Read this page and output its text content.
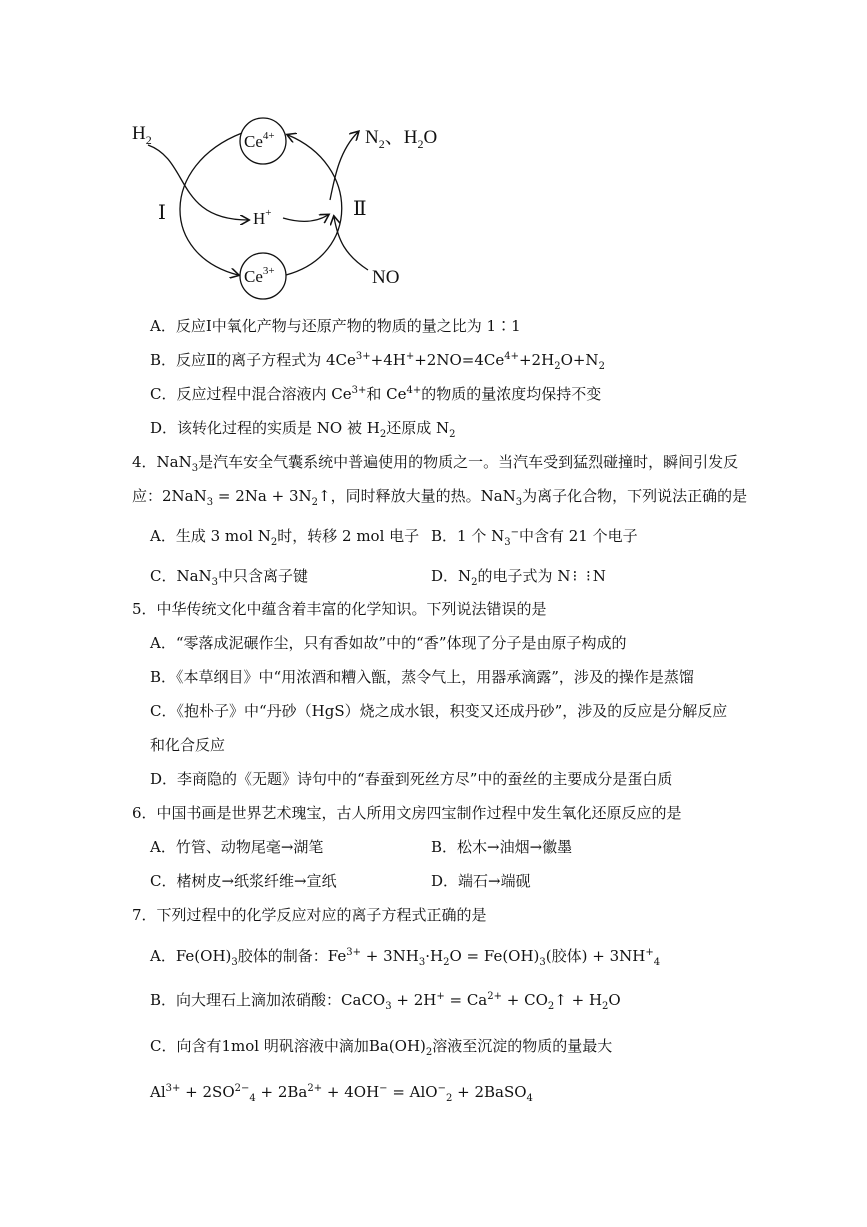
$H_2$	$Ce^{4+}$
$Ce^{3+}$
H+
$N_2$、$H_2O$
Ⅰ	Ⅱ
NO
A．反应Ⅰ中氧化产物与还原产物的物质的量之比为 1∶1
B．反应Ⅱ的离子方程式为 $4Ce^{3+}+4H^++2NO=4Ce^{4+}+2H_2O+N_2$
C．反应过程中混合溶液内 $Ce^{3+}$和 $Ce^{4+}$的物质的量浓度均保持不变
D．该转化过程的实质是 NO 被 $H_2$还原成 $N_2$
4．NaN$_3$是汽车安全气囊系统中普遍使用的物质之一。当汽车受到猛烈碰撞时，瞬间引发反
应：$2NaN_3 = 2Na + 3N_2↑$，同时释放大量的热。NaN$_3$为离子化合物，下列说法正确的是
A．生成 3 mol $N_2$时，转移 2 mol 电子 B．1 个 $N_3^-$中含有 21 个电子
C．NaN$_3$中只含离子键	D．$N_2$的电子式为 N⁝ ⁝N
5．中华传统文化中蕴含着丰富的化学知识。下列说法错误的是
A．“零落成泥碾作尘，只有香如故”中的“香”体现了分子是由原子构成的
B．《本草纲目》中“用浓酒和糟入甑，蒸令气上，用器承滴露”，涉及的操作是蒸馏
C．《抱朴子》中“丹砂（HgS）烧之成水银，积变又还成丹砂”，涉及的反应是分解反应
和化合反应
D．李商隐的《无题》诗句中的“春蚕到死丝方尽”中的蚕丝的主要成分是蛋白质
6．中国书画是世界艺术瑰宝，古人所用文房四宝制作过程中发生氧化还原反应的是
A．竹管、动物尾毫→湖笔	B．松木→油烟→徽墨
C．楮树皮→纸浆纤维→宣纸	D．端石→端砚
7．下列过程中的化学反应对应的离子方程式正确的是
A．$Fe(OH)_3$胶体的制备：$Fe^{3+} + 3NH_3\cdot H_2O = Fe(OH)_3$(胶体) + $3NH^+_4$
B．向大理石上滴加浓硝酸：CaCO$_3$ + $2H^+ = Ca^{2+}$ + $CO_2↑ + H_2O$
C．向含有1mol 明矾溶液中滴加$Ba(OH)_2$溶液至沉淀的物质的量最大
$Al^{3+} + 2SO^{2-}_4 + 2Ba^{2+} + 4OH^- = AlO^-_2$ + 2BaSO$_4$
